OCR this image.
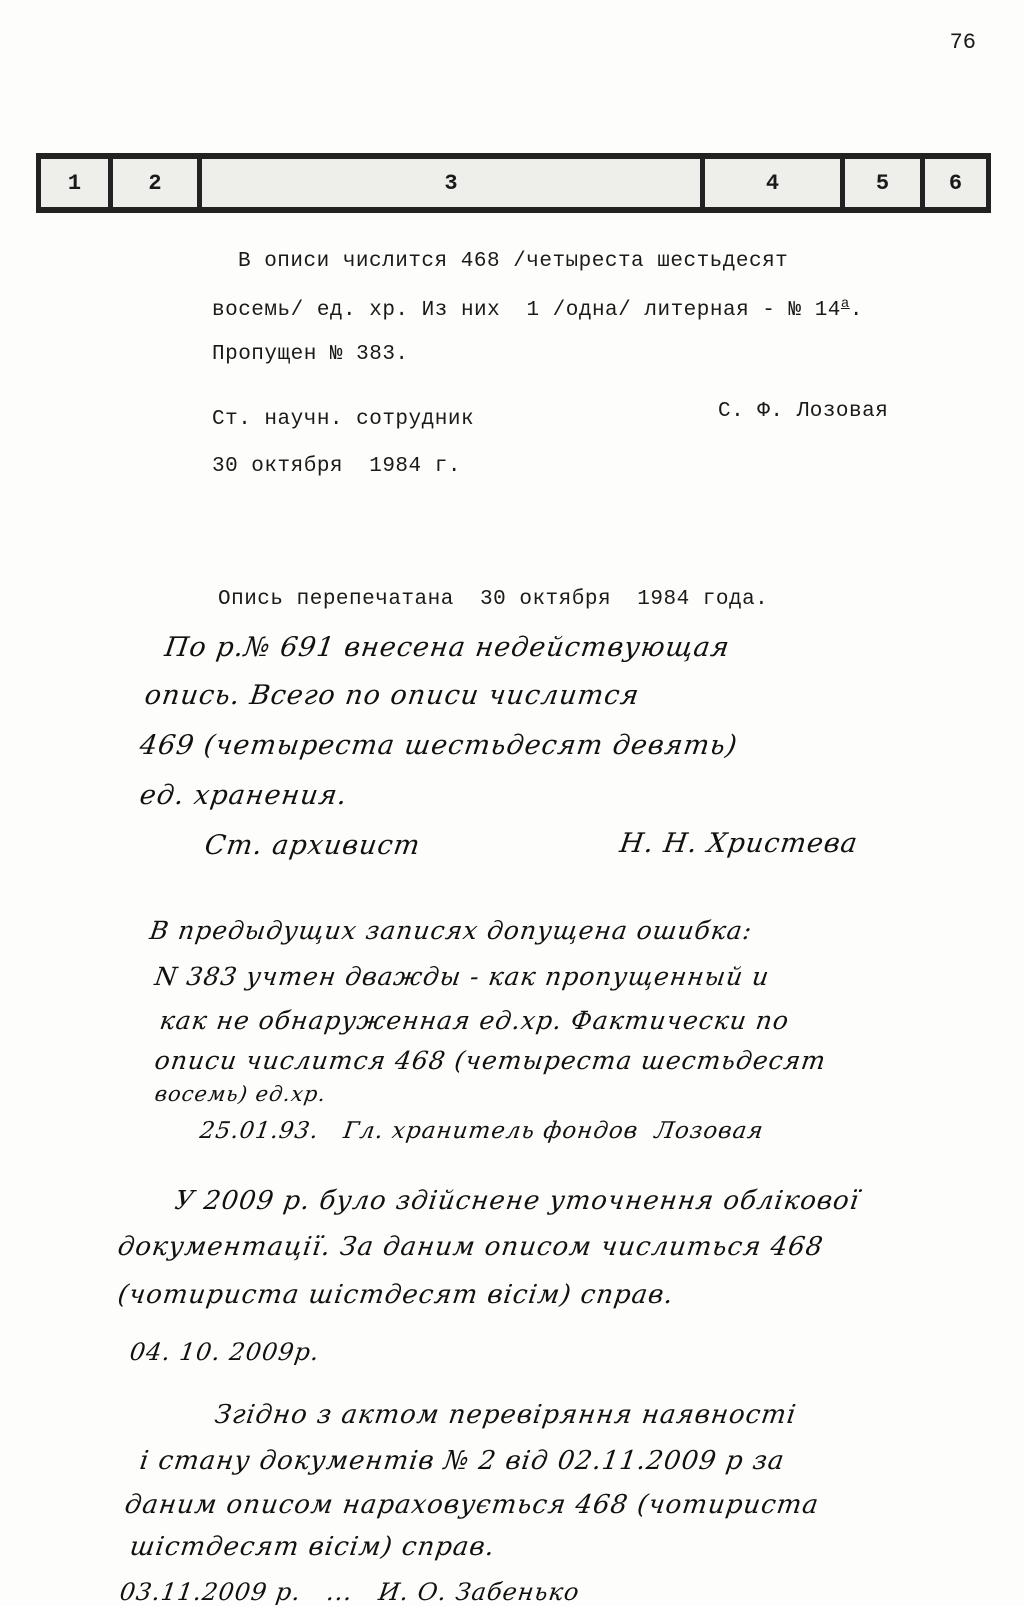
76
1	2	3	4	5	6
В описи числится 468 /четыреста шестьдесят
восемь/ ед. хр. Из них  1 /одна/ литерная - № $14^а$.
Пропущен № 383.
Ст. научн. сотрудник	С. Ф. Лозовая
30 октября  1984 г.
Опись перепечатана  30 октября  1984 года.
По р.№ 691 внесена недействующая
опись. Всего по описи числится
469 (четыреста шестьдесят девять)
ед. хранения.
Ст. архивист	Н. Н. Христева
В предыдущих записях допущена ошибка:
N 383 учтен дважды - как пропущенный и
как не обнаруженная ед.хр. Фактически по
описи числится 468 (четыреста шестьдесят
восемь) ед.хр.
25.01.93.   Гл. хранитель фондов  Лозовая
У 2009 р. було здійснене уточнення облікової
документації. За даним описом числиться 468
(чотириста шістдесят вісім) справ.
04. 10. 2009р.
Згідно з актом перевіряння наявності
і стану документів № 2 від 02.11.2009 р за
даним описом нараховується 468 (чотириста
шістдесят вісім) справ.
03.11.2009 р.   ...   И. О. Забенько
